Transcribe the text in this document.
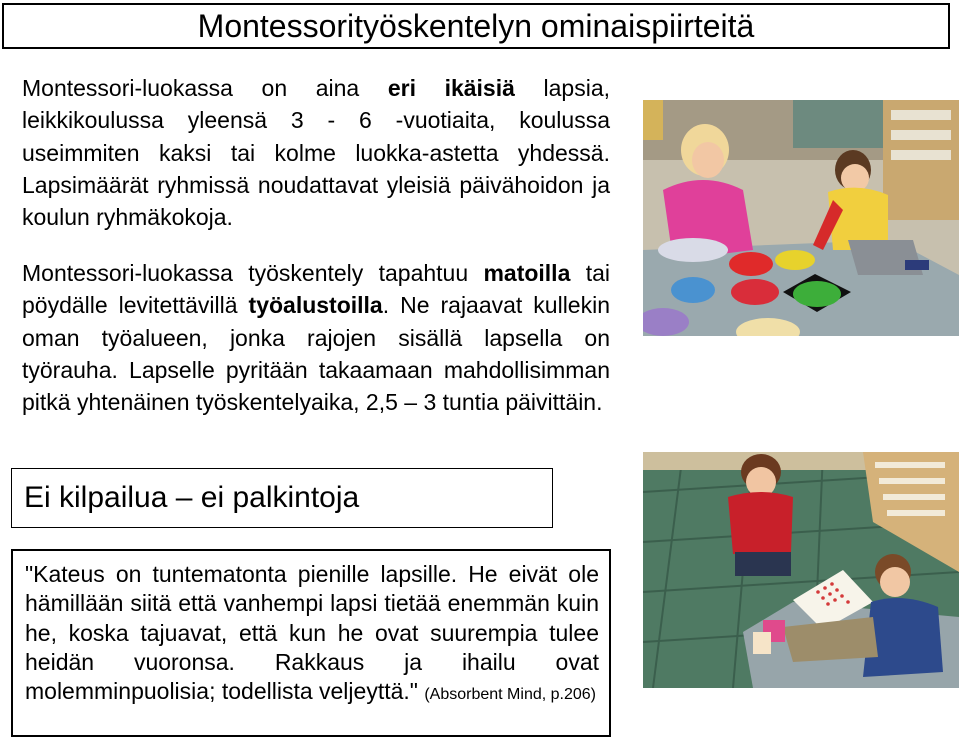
Montessorityöskentelyn ominaispiirteitä
Montessori-luokassa on aina eri ikäisiä lapsia, leikkikoulussa yleensä 3 - 6 -vuotiaita, koulussa useimmiten kaksi tai kolme luokka-astetta yhdessä. Lapsimäärät ryhmissä noudattavat yleisiä päivähoidon ja koulun ryhmäkokoja.
Montessori-luokassa työskentely tapahtuu matoilla tai pöydälle levitettävillä työalustoilla. Ne rajaavat kullekin oman työalueen, jonka rajojen sisällä lapsella on työrauha. Lapselle pyritään takaamaan mahdollisimman pitkä yhtenäinen työskentelyaika, 2,5 – 3 tuntia päivittäin.
Ei kilpailua – ei palkintoja
"Kateus on tuntematonta pienille lapsille. He eivät ole hämillään siitä että vanhempi lapsi tietää enemmän kuin he, koska tajuavat, että kun he ovat suurempia tulee heidän vuoronsa. Rakkaus ja ihailu ovat molemminpuolisia; todellista veljeyttä." (Absorbent Mind, p.206)
